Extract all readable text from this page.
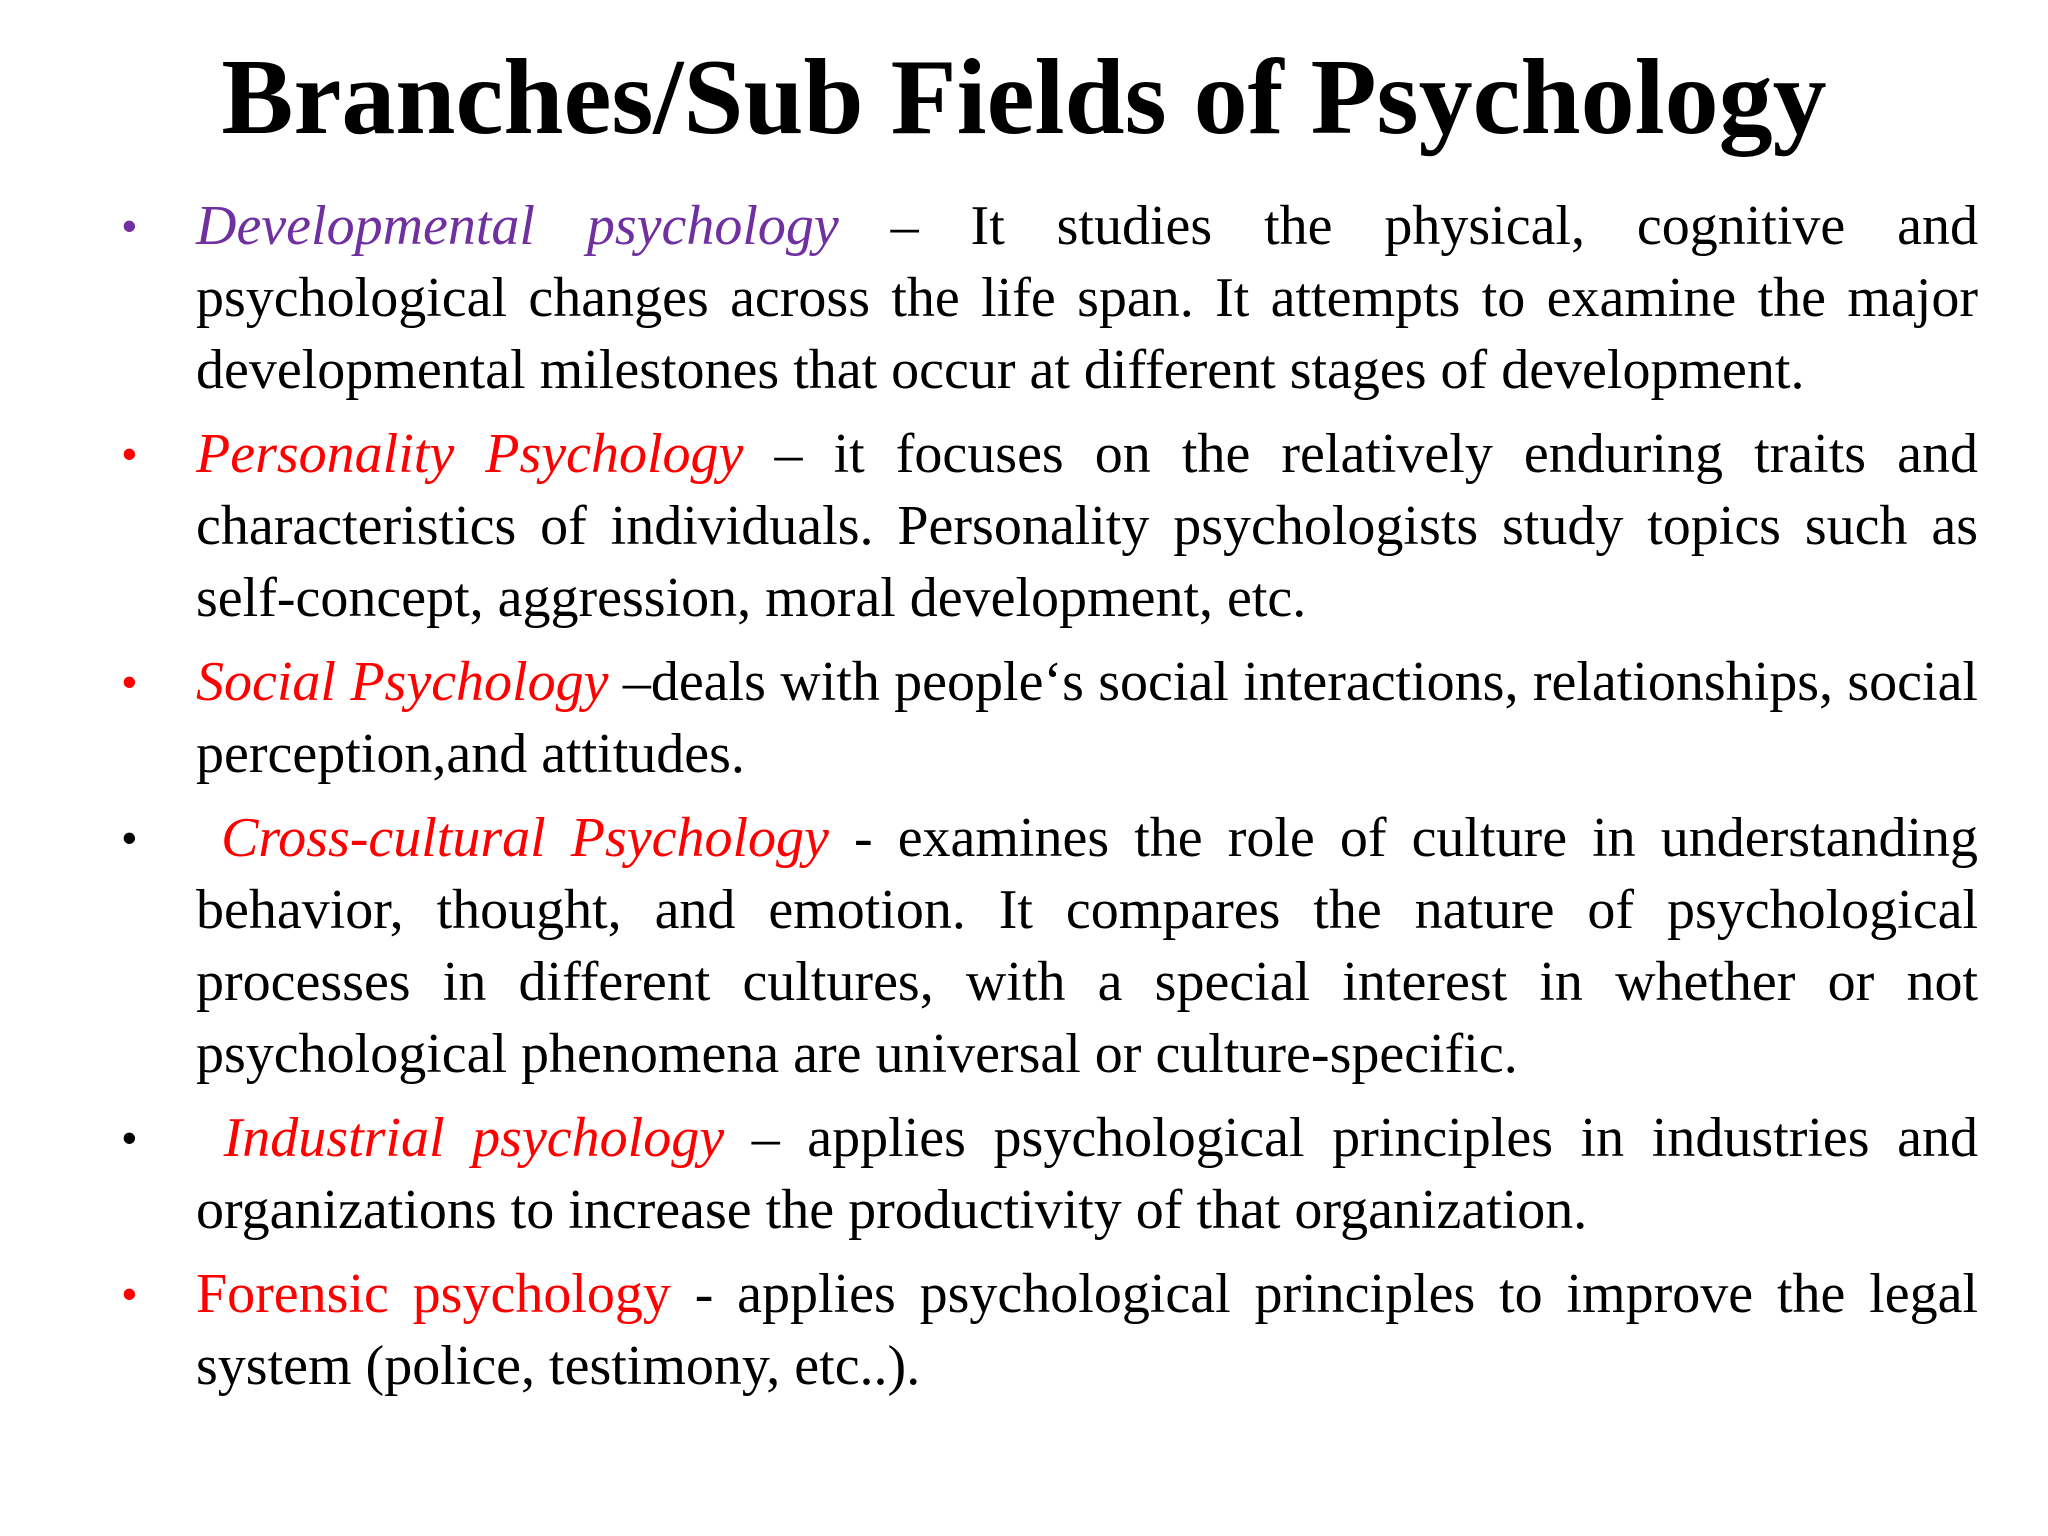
Branches/Sub Fields of Psychology
• Developmental psychology – It studies the physical, cognitive and psychological changes across the life span. It attempts to examine the major developmental milestones that occur at different stages of development.
• Personality Psychology – it focuses on the relatively enduring traits and characteristics of individuals. Personality psychologists study topics such as self-concept, aggression, moral development, etc.
• Social Psychology –deals with people‘s social interactions, relationships, social perception,and attitudes.
•	Cross-cultural Psychology - examines the role of culture in understanding behavior, thought, and emotion. It compares the nature of psychological processes in different cultures, with a special interest in whether or not psychological phenomena are universal or culture-specific.
•	Industrial psychology – applies psychological principles in industries and organizations to increase the productivity of that organization.
• Forensic psychology - applies psychological principles to improve the legal system (police, testimony, etc..).
